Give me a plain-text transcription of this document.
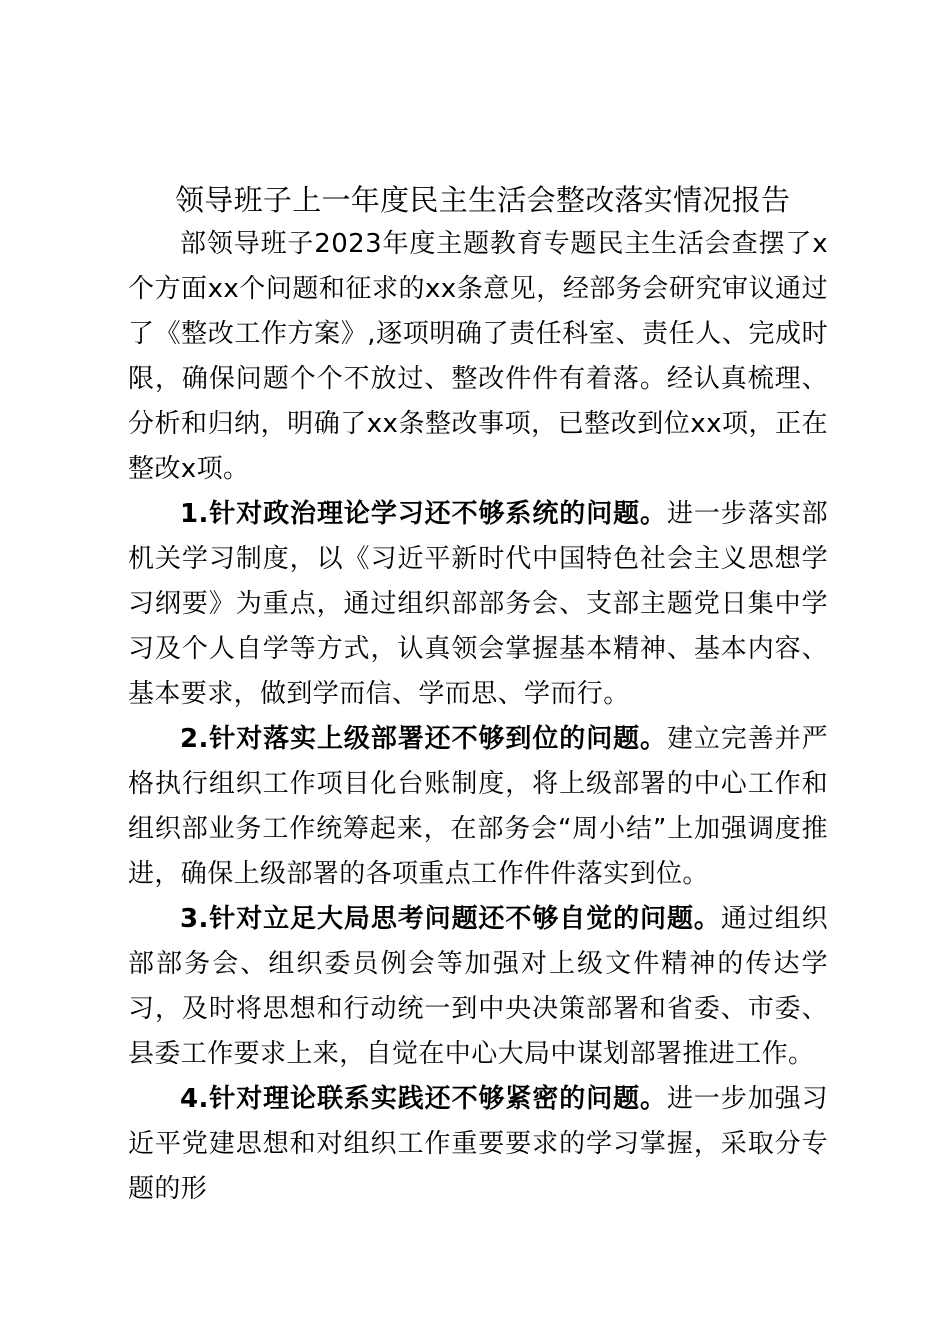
领导班子上一年度民主生活会整改落实情况报告

部领导班子2023年度主题教育专题民主生活会查摆了x个方面xx个问题和征求的xx条意见，经部务会研究审议通过了《整改工作方案》,逐项明确了责任科室、责任人、完成时限，确保问题个个不放过、整改件件有着落。经认真梳理、分析和归纳，明确了xx条整改事项，已整改到位xx项，正在整改x项。

1.针对政治理论学习还不够系统的问题。进一步落实部机关学习制度，以《习近平新时代中国特色社会主义思想学习纲要》为重点，通过组织部部务会、支部主题党日集中学习及个人自学等方式，认真领会掌握基本精神、基本内容、基本要求，做到学而信、学而思、学而行。

2.针对落实上级部署还不够到位的问题。建立完善并严格执行组织工作项目化台账制度，将上级部署的中心工作和组织部业务工作统筹起来，在部务会“周小结”上加强调度推进，确保上级部署的各项重点工作件件落实到位。

3.针对立足大局思考问题还不够自觉的问题。通过组织部部务会、组织委员例会等加强对上级文件精神的传达学习，及时将思想和行动统一到中央决策部署和省委、市委、县委工作要求上来，自觉在中心大局中谋划部署推进工作。

4.针对理论联系实践还不够紧密的问题。进一步加强习近平党建思想和对组织工作重要要求的学习掌握，采取分专题的形
